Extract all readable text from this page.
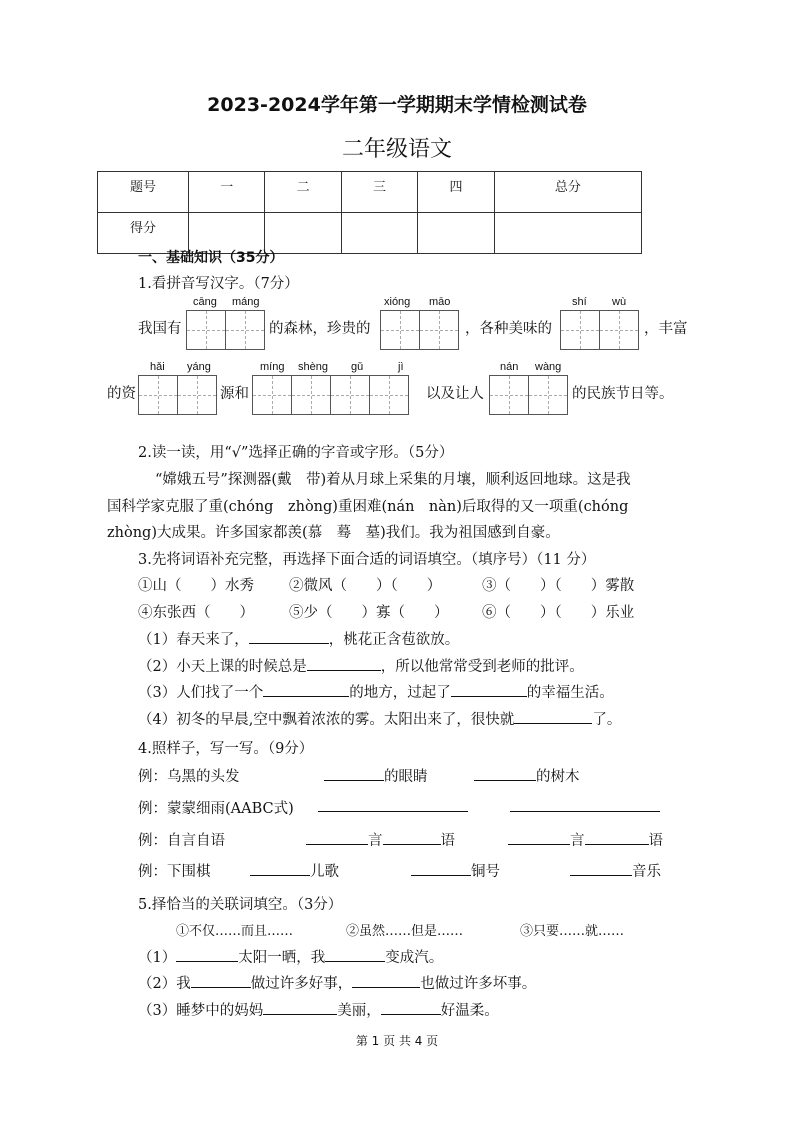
2023-2024学年第一学期期末学情检测试卷
二年级语文
题号	一	二	三	四	总分
得分					
一、基础知识（35分）
1.看拼音写汉字。（7分）
cāng máng	xióng māo	shí wù
我国有	的森林，珍贵的	，各种美味的	，丰富
hǎi yáng	míng shèng gǔ	jì	nán wàng
的资	源和	以及让人	的民族节日等。
2.读一读，用“√”选择正确的字音或字形。（5分）
“嫦娥五号”探测器(戴　带)着从月球上采集的月壤，顺利返回地球。这是我
国科学家克服了重(chóng　zhòng)重困难(nán　nàn)后取得的又一项重(chóng
zhòng)大成果。许多国家都羡(慕　蓦　墓)我们。我为祖国感到自豪。
3.先将词语补充完整，再选择下面合适的词语填空。（填序号）（11 分）
①山（　　）水秀 ②微风（　　）（　　）	③（　　）（　　）雾散
④东张西（　　） ⑤少（　　）寡（　　） ⑥（　　）（　　）乐业
（1）春天来了，	，桃花正含苞欲放。
（2）小天上课的时候总是	，所以他常常受到老师的批评。
（3）人们找了一个	的地方，过起了	的幸福生活。
（4）初冬的早晨,空中飘着浓浓的雾。太阳出来了，很快就	了。
4.照样子，写一写。（9分）
例：乌黑的头发	的眼睛	的树木
例：蒙蒙细雨(AABC式)
例：自言自语	言	语	言	语
例：下围棋	儿歌	铜号	音乐
5.择恰当的关联词填空。（3分）
①不仅……而且……	②虽然……但是……	③只要……就……
（1）	太阳一晒，我	变成汽。
（2）我	做过许多好事，	也做过许多坏事。
（3）睡梦中的妈妈	美丽，	好温柔。
第 1 页 共 4 页
